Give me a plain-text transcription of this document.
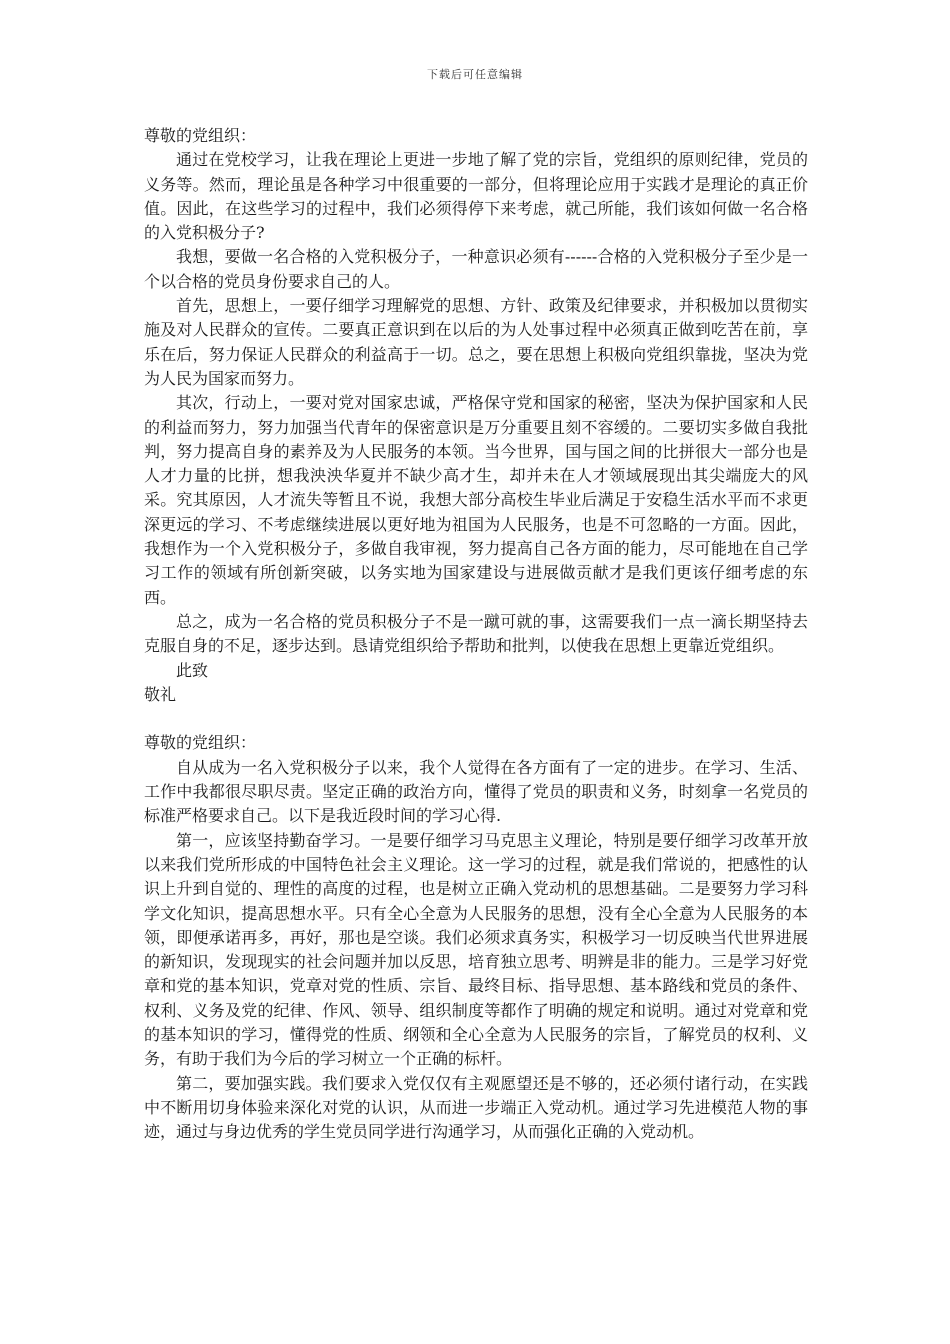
下载后可任意编辑

尊敬的党组织：

通过在党校学习，让我在理论上更进一步地了解了党的宗旨，党组织的原则纪律，党员的义务等。然而，理论虽是各种学习中很重要的一部分，但将理论应用于实践才是理论的真正价值。因此，在这些学习的过程中，我们必须得停下来考虑，就己所能，我们该如何做一名合格的入党积极分子?

我想，要做一名合格的入党积极分子，一种意识必须有------合格的入党积极分子至少是一个以合格的党员身份要求自己的人。

首先，思想上，一要仔细学习理解党的思想、方针、政策及纪律要求，并积极加以贯彻实施及对人民群众的宣传。二要真正意识到在以后的为人处事过程中必须真正做到吃苦在前，享乐在后，努力保证人民群众的利益高于一切。总之，要在思想上积极向党组织靠拢，坚决为党为人民为国家而努力。

其次，行动上，一要对党对国家忠诚，严格保守党和国家的秘密，坚决为保护国家和人民的利益而努力，努力加强当代青年的保密意识是万分重要且刻不容缓的。二要切实多做自我批判，努力提高自身的素养及为人民服务的本领。当今世界，国与国之间的比拼很大一部分也是人才力量的比拼，想我泱泱华夏并不缺少高才生，却并未在人才领域展现出其尖端庞大的风采。究其原因，人才流失等暂且不说，我想大部分高校生毕业后满足于安稳生活水平而不求更深更远的学习、不考虑继续进展以更好地为祖国为人民服务，也是不可忽略的一方面。因此，我想作为一个入党积极分子，多做自我审视，努力提高自己各方面的能力，尽可能地在自己学习工作的领域有所创新突破，以务实地为国家建设与进展做贡献才是我们更该仔细考虑的东西。

总之，成为一名合格的党员积极分子不是一蹴可就的事，这需要我们一点一滴长期坚持去克服自身的不足，逐步达到。恳请党组织给予帮助和批判，以使我在思想上更靠近党组织。

此致

敬礼

尊敬的党组织：

自从成为一名入党积极分子以来，我个人觉得在各方面有了一定的进步。在学习、生活、工作中我都很尽职尽责。坚定正确的政治方向，懂得了党员的职责和义务，时刻拿一名党员的标准严格要求自己。以下是我近段时间的学习心得.

第一，应该坚持勤奋学习。一是要仔细学习马克思主义理论，特别是要仔细学习改革开放以来我们党所形成的中国特色社会主义理论。这一学习的过程，就是我们常说的，把感性的认识上升到自觉的、理性的高度的过程，也是树立正确入党动机的思想基础。二是要努力学习科学文化知识，提高思想水平。只有全心全意为人民服务的思想，没有全心全意为人民服务的本领，即便承诺再多，再好，那也是空谈。我们必须求真务实，积极学习一切反映当代世界进展的新知识，发现现实的社会问题并加以反思，培育独立思考、明辨是非的能力。三是学习好党章和党的基本知识，党章对党的性质、宗旨、最终目标、指导思想、基本路线和党员的条件、权利、义务及党的纪律、作风、领导、组织制度等都作了明确的规定和说明。通过对党章和党的基本知识的学习，懂得党的性质、纲领和全心全意为人民服务的宗旨，了解党员的权利、义务，有助于我们为今后的学习树立一个正确的标杆。

第二，要加强实践。我们要求入党仅仅有主观愿望还是不够的，还必须付诸行动，在实践中不断用切身体验来深化对党的认识，从而进一步端正入党动机。通过学习先进模范人物的事迹，通过与身边优秀的学生党员同学进行沟通学习，从而强化正确的入党动机。
